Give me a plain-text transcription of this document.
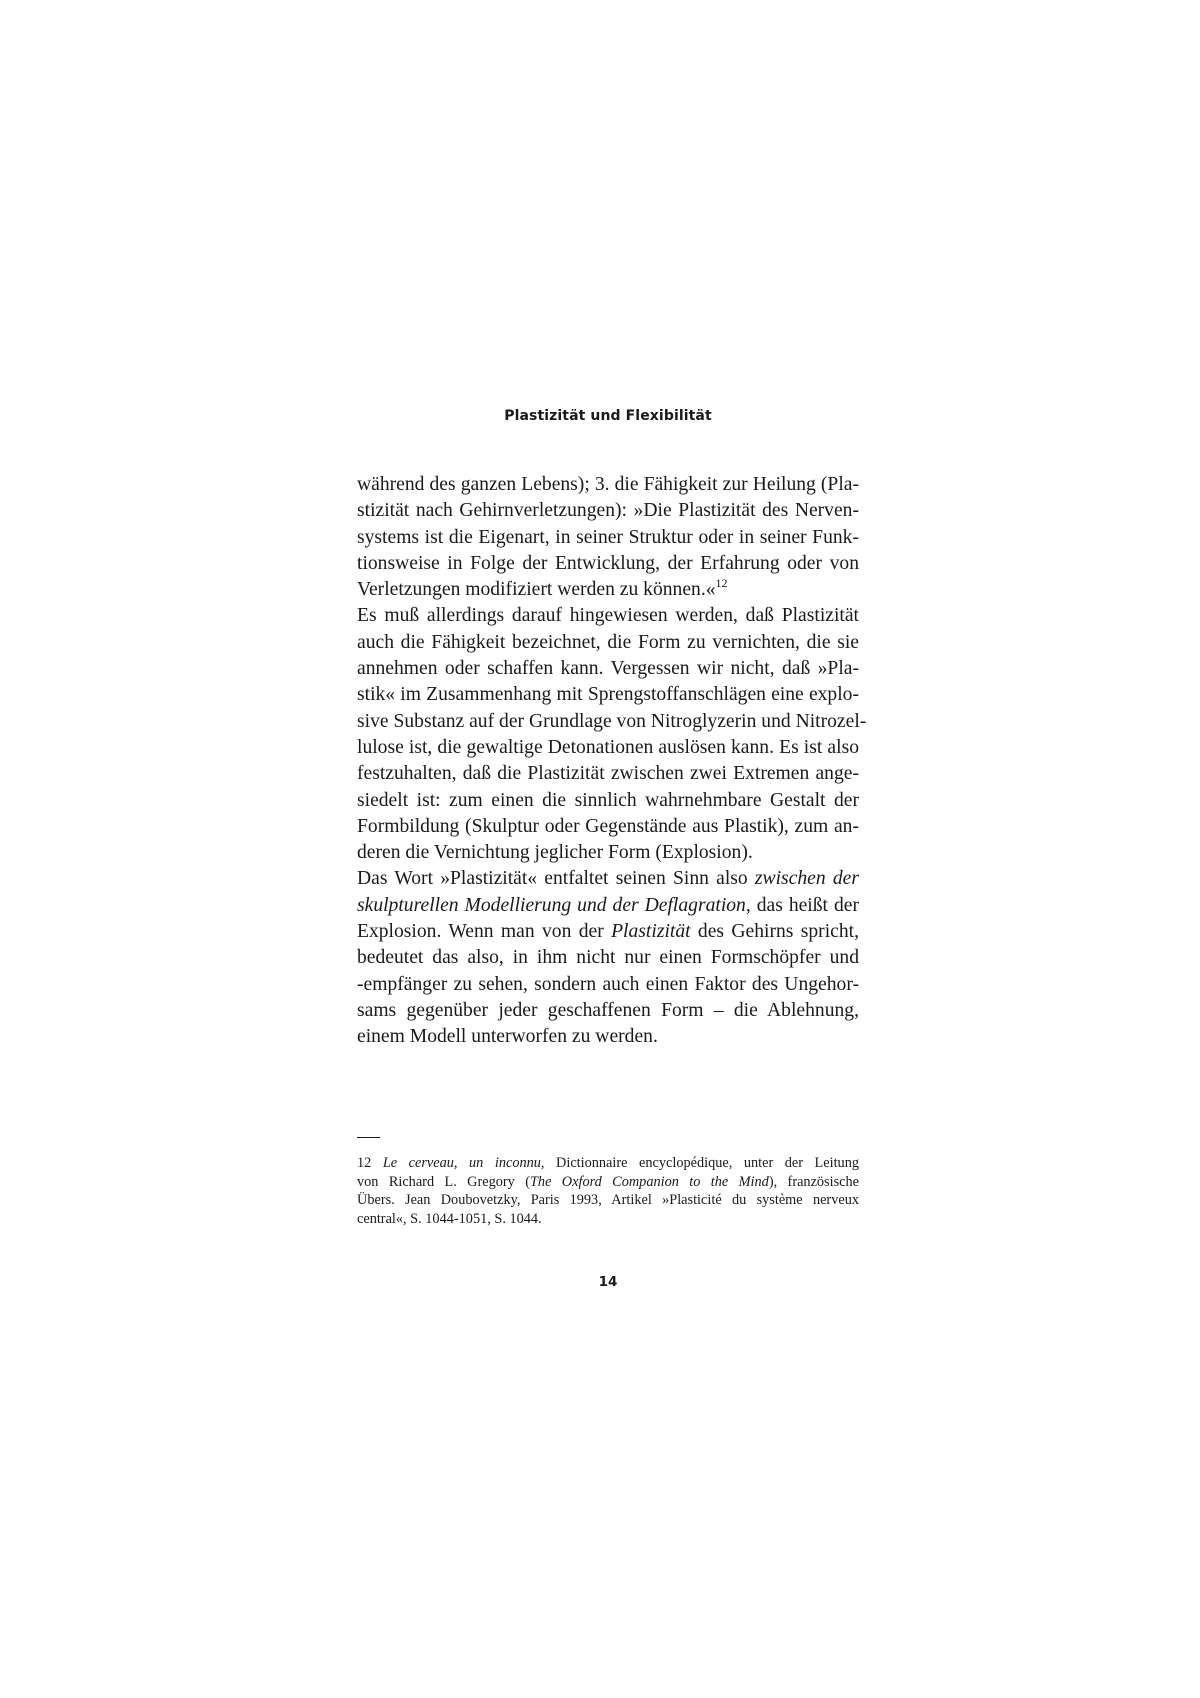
Plastizität und Flexibilität
während des ganzen Lebens); 3. die Fähigkeit zur Heilung (Pla-
stizität nach Gehirnverletzungen): »Die Plastizität des Nerven-
systems ist die Eigenart, in seiner Struktur oder in seiner Funk-
tionsweise in Folge der Entwicklung, der Erfahrung oder von
Verletzungen modifiziert werden zu können.«$^{12}$
Es muß allerdings darauf hingewiesen werden, daß Plastizität
auch die Fähigkeit bezeichnet, die Form zu vernichten, die sie
annehmen oder schaffen kann. Vergessen wir nicht, daß »Pla-
stik« im Zusammenhang mit Sprengstoffanschlägen eine explo-
sive Substanz auf der Grundlage von Nitroglyzerin und Nitrozel-
lulose ist, die gewaltige Detonationen auslösen kann. Es ist also
festzuhalten, daß die Plastizität zwischen zwei Extremen ange-
siedelt ist: zum einen die sinnlich wahrnehmbare Gestalt der
Formbildung (Skulptur oder Gegenstände aus Plastik), zum an-
deren die Vernichtung jeglicher Form (Explosion).
Das Wort »Plastizität« entfaltet seinen Sinn also zwischen der
skulpturellen Modellierung und der Deflagration, das heißt der
Explosion. Wenn man von der Plastizität des Gehirns spricht,
bedeutet das also, in ihm nicht nur einen Formschöpfer und
-empfänger zu sehen, sondern auch einen Faktor des Ungehor-
sams gegenüber jeder geschaffenen Form – die Ablehnung,
einem Modell unterworfen zu werden.
12 Le cerveau, un inconnu, Dictionnaire encyclopédique, unter der Leitung
von Richard L. Gregory (The Oxford Companion to the Mind), französische
Übers. Jean Doubovetzky, Paris 1993, Artikel »Plasticité du système nerveux
central«, S. 1044-1051, S. 1044.
14
